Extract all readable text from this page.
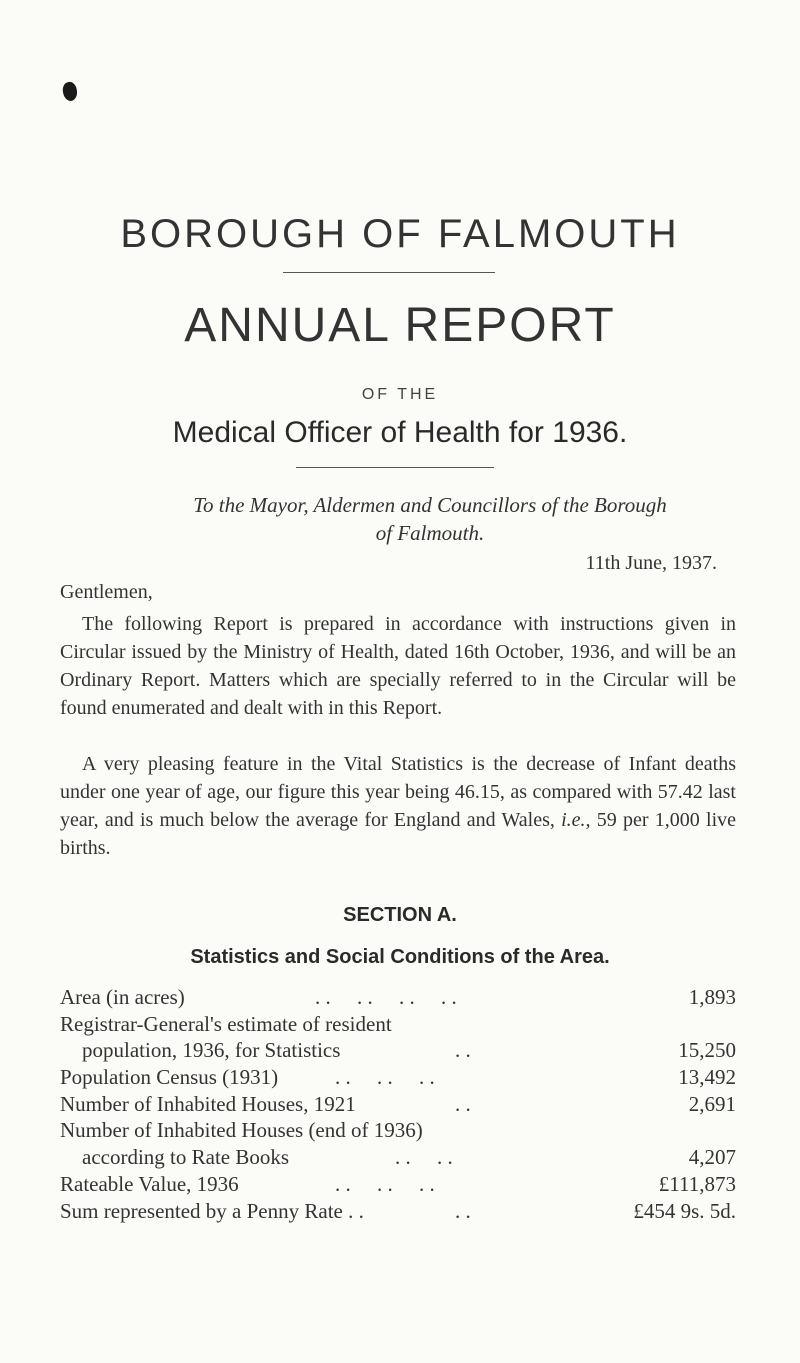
BOROUGH OF FALMOUTH
ANNUAL REPORT
OF THE
Medical Officer of Health for 1936.
To the Mayor, Aldermen and Councillors of the Borough
of Falmouth.
11th June, 1937.
Gentlemen,

The following Report is prepared in accordance with instructions given in Circular issued by the Ministry of Health, dated 16th October, 1936, and will be an Ordinary Report. Matters which are specially referred to in the Circular will be found enumerated and dealt with in this Report.

A very pleasing feature in the Vital Statistics is the decrease of Infant deaths under one year of age, our figure this year being 46.15, as compared with 57.42 last year, and is much below the average for England and Wales, i.e., 59 per 1,000 live births.

SECTION A.
Statistics and Social Conditions of the Area.
Area (in acres)	. .     . .     . .     . .	1,893
Registrar-General's estimate of resident
population, 1936, for Statistics	. .	15,250
Population Census (1931)	. .     . .     . .	13,492
Number of Inhabited Houses, 1921	. .	2,691
Number of Inhabited Houses (end of 1936)
according to Rate Books	. .     . .	4,207
Rateable Value, 1936	. .     . .     . .	£111,873
Sum represented by a Penny Rate . .	. .	£454 9s. 5d.
